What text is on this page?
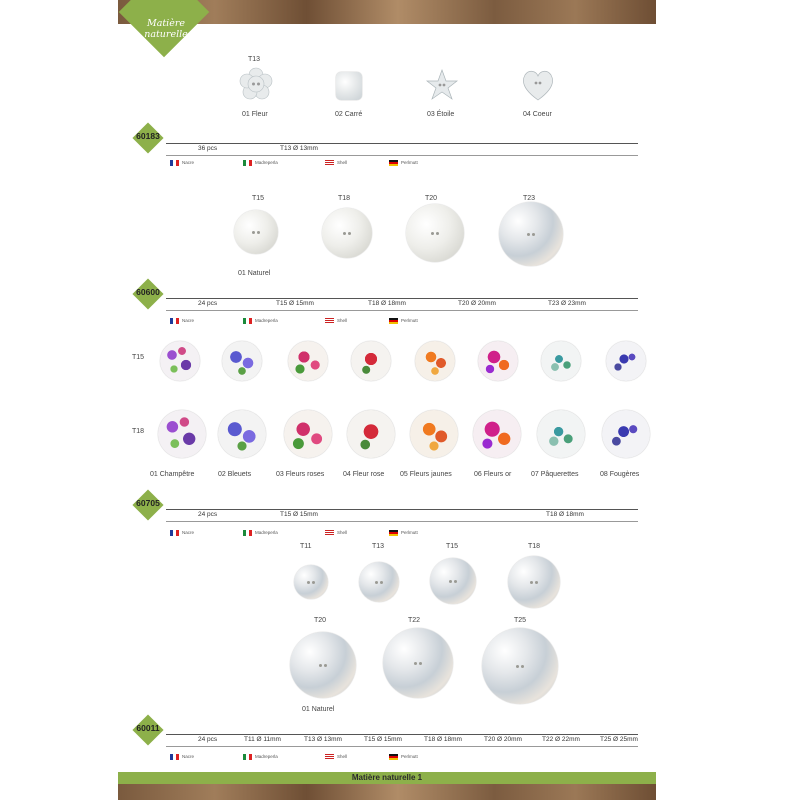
Matière
naturelle
T13
01 Fleur	02 Carré	03 Étoile	04 Coeur
60183
36 pcs	T13 Ø 13mm
Nacre	Madreperla	Shell	Perlmutt
T15	T18	T20	T23
01 Naturel
60600
24 pcs	T15 Ø 15mm	T18 Ø 18mm	T20 Ø 20mm	T23 Ø 23mm
Nacre	Madreperla	Shell	Perlmutt
T15
T18
01 Champêtre	02 Bleuets	03 Fleurs roses	04 Fleur rose 05 Fleurs jaunes	06 Fleurs or	07 Pâquerettes	08 Fougères
60705
24 pcs	T15 Ø 15mm	T18 Ø 18mm
Nacre	Madreperla	Shell	Perlmutt
T11	T13	T15	T18
T20	T22	T25
01 Naturel
60011
24 pcs	T11 Ø 11mm	T13 Ø 13mm	T15 Ø 15mm	T18 Ø 18mm	T20 Ø 20mm	T22 Ø 22mm	T25 Ø 25mm
Nacre	Madreperla	Shell	Perlmutt
Matière naturelle 1
